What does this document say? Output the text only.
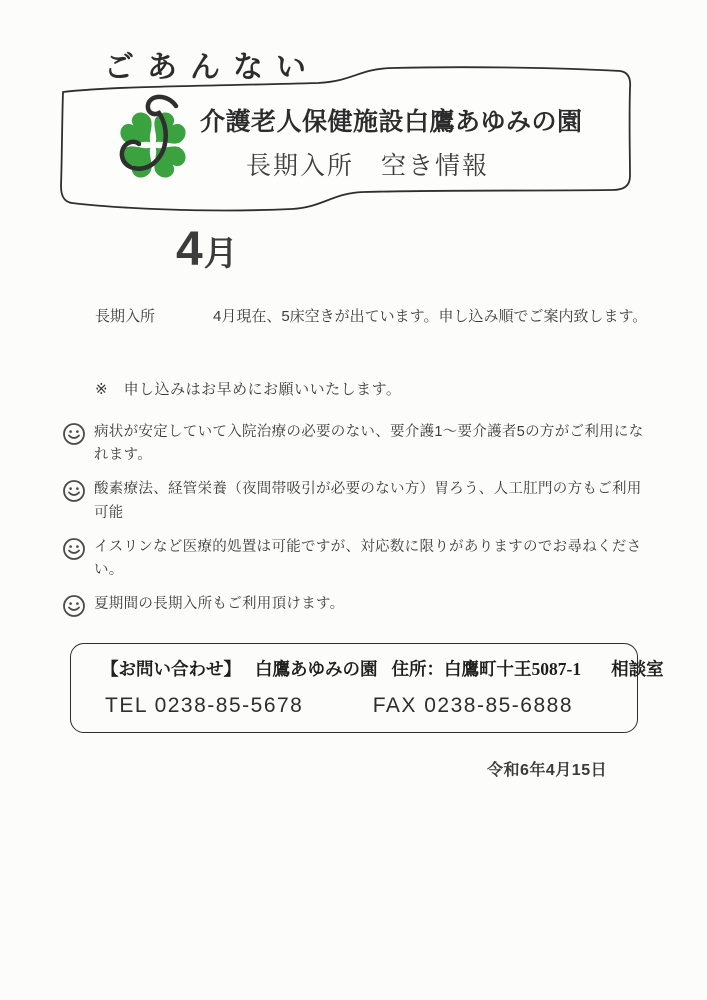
ごあんない
介護老人保健施設白鷹あゆみの園
長期入所　空き情報
4月
長期入所	4月現在、5床空きが出ています。申し込み順でご案内致します。
※　申し込みはお早めにお願いいたします。
病状が安定していて入院治療の必要のない、要介護1～要介護者5の方がご利用になれます。
酸素療法、経管栄養（夜間帯吸引が必要のない方）胃ろう、人工肛門の方もご利用可能
イスリンなど医療的処置は可能ですが、対応数に限りがありますのでお尋ねください。
夏期間の長期入所もご利用頂けます。
【お問い合わせ】 白鷹あゆみの園 住所：白鷹町十王5087-1 相談室
TEL 0238-85-5678	FAX 0238-85-6888
令和6年4月15日
